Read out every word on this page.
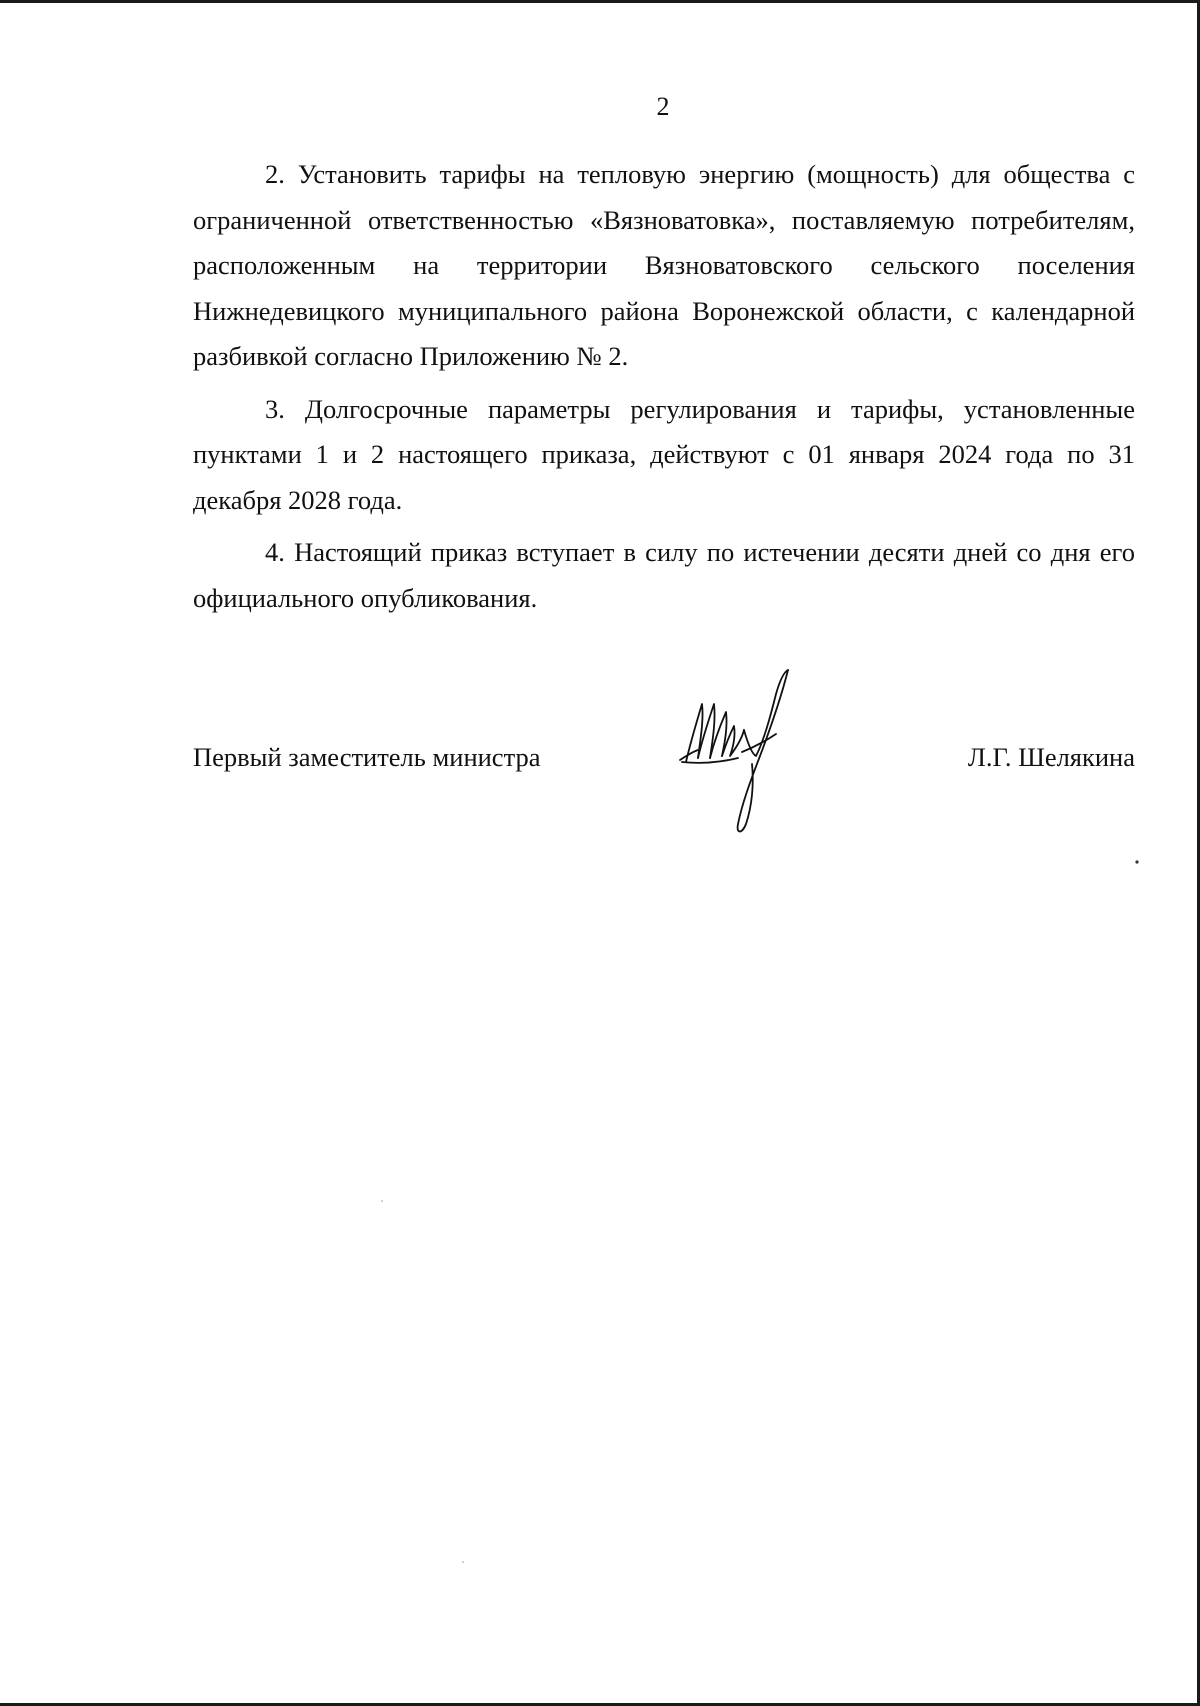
2

2. Установить тарифы на тепловую энергию (мощность) для общества с ограниченной ответственностью «Вязноватовка», поставляемую потребителям, расположенным на территории Вязноватовского сельского поселения Нижнедевицкого муниципального района Воронежской области, с календарной разбивкой согласно Приложению № 2.

3. Долгосрочные параметры регулирования и тарифы, установленные пунктами 1 и 2 настоящего приказа, действуют с 01 января 2024 года по 31 декабря 2028 года.

4. Настоящий приказ вступает в силу по истечении десяти дней со дня его официального опубликования.

Первый заместитель министра	Л.Г. Шелякина
